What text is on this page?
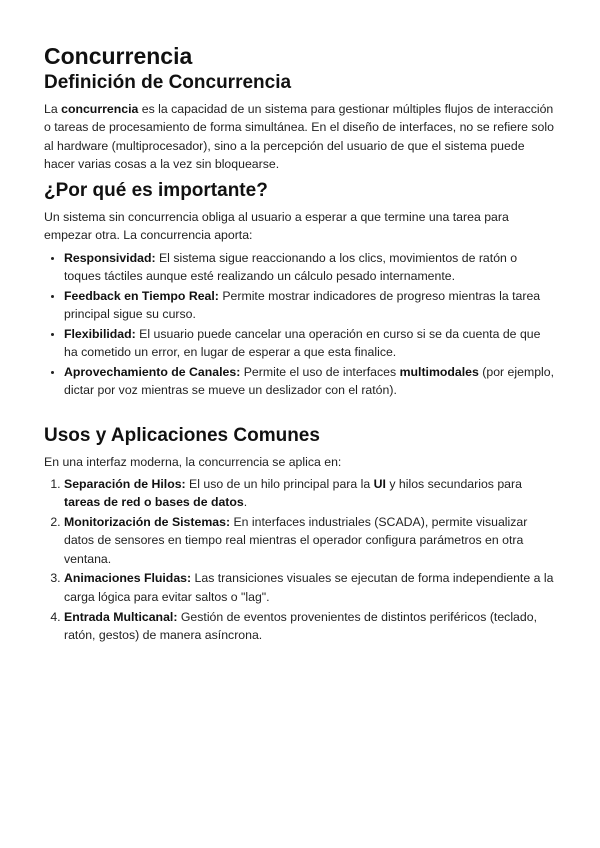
Concurrencia
Definición de Concurrencia

La concurrencia es la capacidad de un sistema para gestionar múltiples flujos de interacción o tareas de procesamiento de forma simultánea. En el diseño de interfaces, no se refiere solo al hardware (multiprocesador), sino a la percepción del usuario de que el sistema puede hacer varias cosas a la vez sin bloquearse.

¿Por qué es importante?

Un sistema sin concurrencia obliga al usuario a esperar a que termine una tarea para empezar otra. La concurrencia aporta:

• Responsividad: El sistema sigue reaccionando a los clics, movimientos de ratón o toques táctiles aunque esté realizando un cálculo pesado internamente.
• Feedback en Tiempo Real: Permite mostrar indicadores de progreso mientras la tarea principal sigue su curso.
• Flexibilidad: El usuario puede cancelar una operación en curso si se da cuenta de que ha cometido un error, en lugar de esperar a que esta finalice.
• Aprovechamiento de Canales: Permite el uso de interfaces multimodales (por ejemplo, dictar por voz mientras se mueve un deslizador con el ratón).
Usos y Aplicaciones Comunes

En una interfaz moderna, la concurrencia se aplica en:

1. Separación de Hilos: El uso de un hilo principal para la UI y hilos secundarios para tareas de red o bases de datos.
2. Monitorización de Sistemas: En interfaces industriales (SCADA), permite visualizar datos de sensores en tiempo real mientras el operador configura parámetros en otra ventana.
3. Animaciones Fluidas: Las transiciones visuales se ejecutan de forma independiente a la carga lógica para evitar saltos o "lag".
4. Entrada Multicanal: Gestión de eventos provenientes de distintos periféricos (teclado, ratón, gestos) de manera asíncrona.
